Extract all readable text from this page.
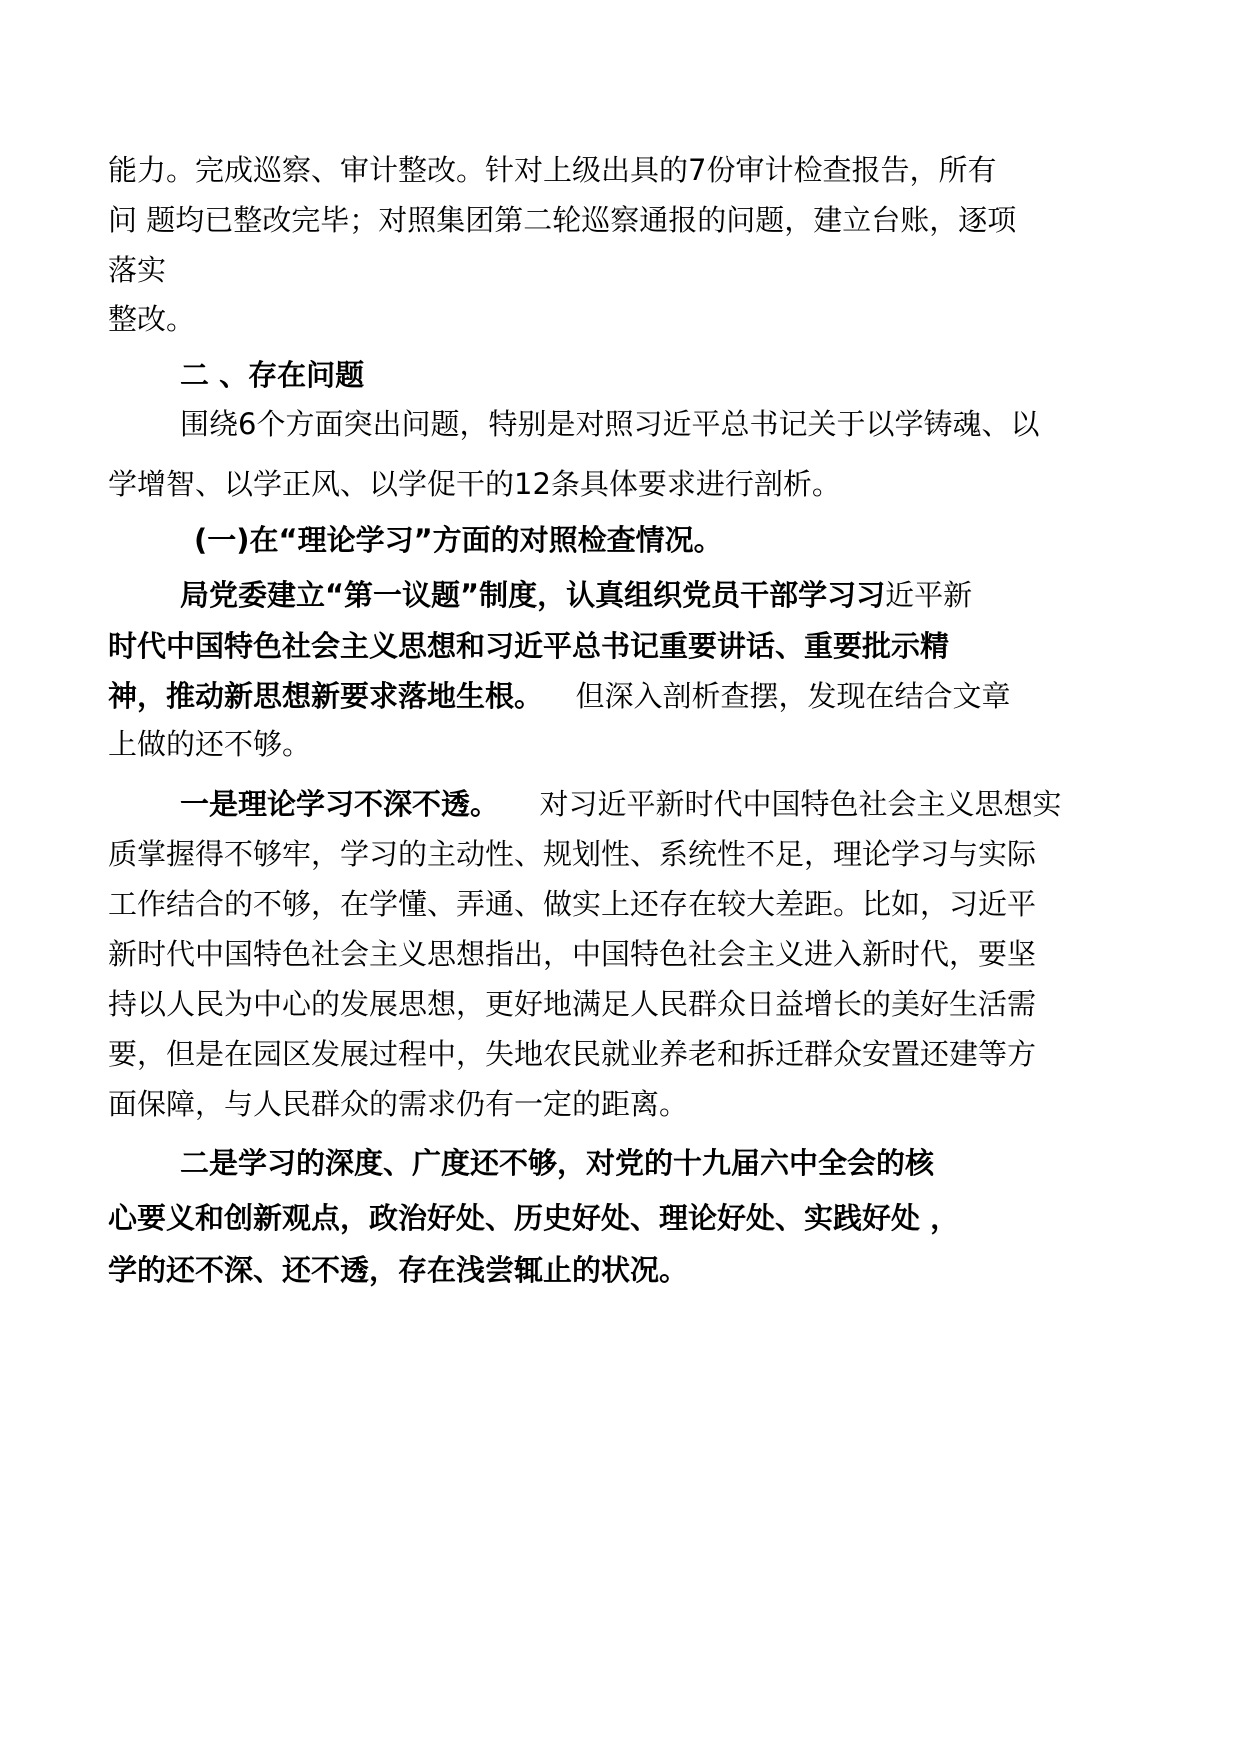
能力。完成巡察、审计整改。针对上级出具的7份审计检查报告，所有
问 题均已整改完毕；对照集团第二轮巡察通报的问题，建立台账，逐项
落实
整改。
二 、存在问题
围绕6个方面突出问题，特别是对照习近平总书记关于以学铸魂、以
学增智、以学正风、以学促干的12条具体要求进行剖析。
(一)在“理论学习”方面的对照检查情况。
局党委建立“第一议题”制度，认真组织党员干部学习习近平新
时代中国特色社会主义思想和习近平总书记重要讲话、重要批示精
神，推动新思想新要求落地生根。 但深入剖析查摆，发现在结合文章
上做的还不够。
一是理论学习不深不透。 对习近平新时代中国特色社会主义思想实
质掌握得不够牢，学习的主动性、规划性、系统性不足，理论学习与实际
工作结合的不够，在学懂、弄通、做实上还存在较大差距。比如，习近平
新时代中国特色社会主义思想指出，中国特色社会主义进入新时代，要坚
持以人民为中心的发展思想，更好地满足人民群众日益增长的美好生活需
要，但是在园区发展过程中，失地农民就业养老和拆迁群众安置还建等方
面保障，与人民群众的需求仍有一定的距离。
二是学习的深度、广度还不够，对党的十九届六中全会的核
心要义和创新观点，政治好处、历史好处、理论好处、实践好处 ，
学的还不深、还不透，存在浅尝辄止的状况。
